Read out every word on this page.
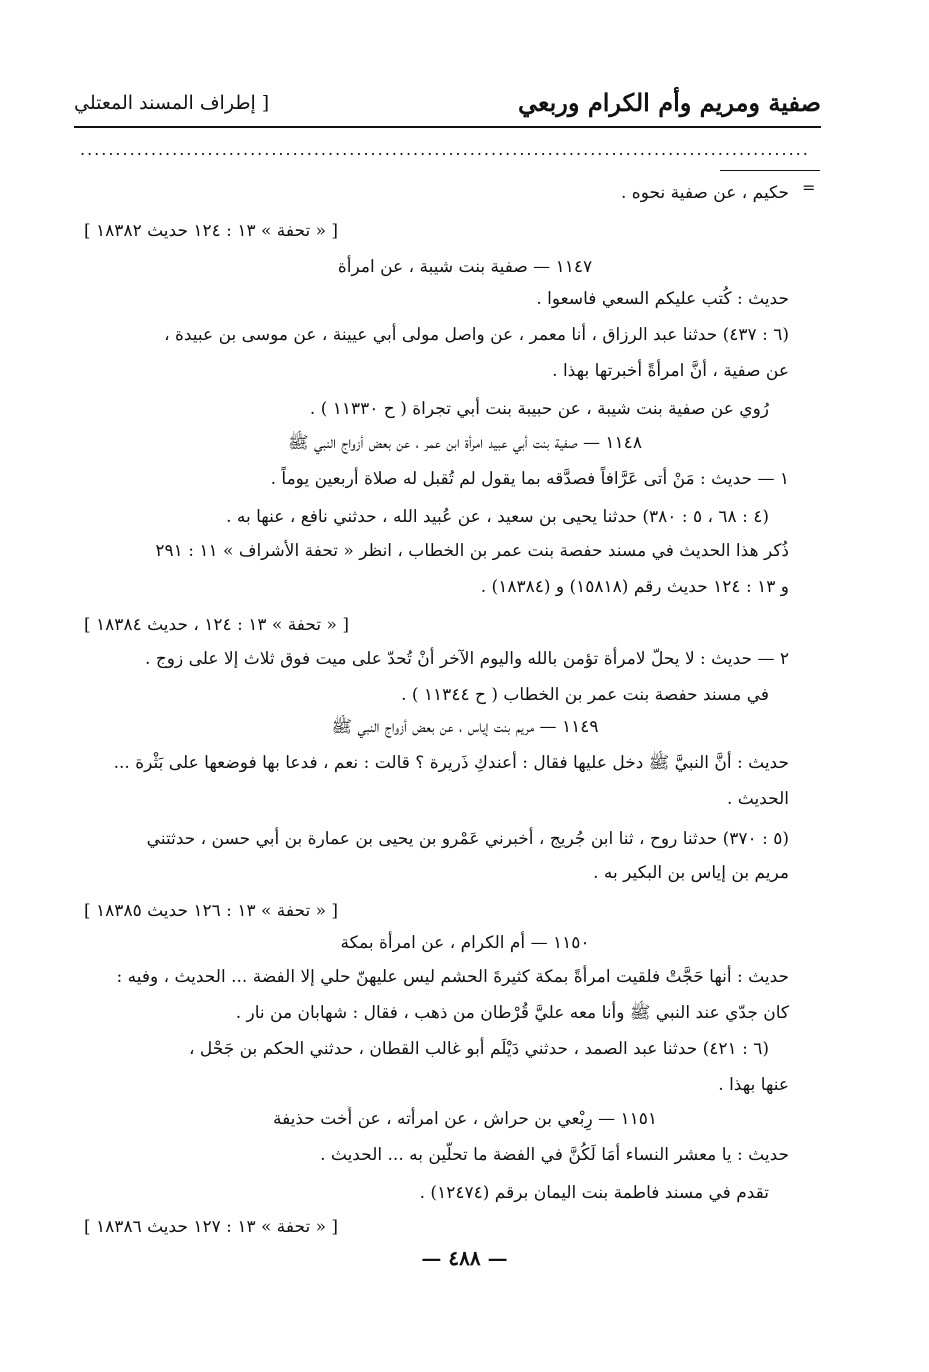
صفية ومريم وأم الكرام وربعي
[ إطراف المسند المعتلي
.......................................................................................................
=
حكيم ، عن صفية نحوه .
[ « تحفة » ١٣ : ١٢٤ حديث ١٨٣٨٢ ]
١١٤٧ — صفية بنت شيبة ، عن امرأة
حديث : كُتب عليكم السعي فاسعوا .
(٦ : ٤٣٧) حدثنا عبد الرزاق ، أنا معمر ، عن واصل مولى أبي عيينة ، عن موسى بن عبيدة ،
عن صفية ، أنَّ امرأةً أخبرتها بهذا .
رُوي عن صفية بنت شيبة ، عن حبيبة بنت أبي تجراة ( ح ١١٣٣٠ ) .
١١٤٨ — صفية بنت أبي عبيد امرأة ابن عمر ، عن بعض أزواج النبي ﷺ
١ — حديث : مَنْ أتى عَرَّافاً فصدَّقه بما يقول لم تُقبل له صلاة أربعين يوماً .
(٤ : ٦٨ ، ٥ : ٣٨٠) حدثنا يحيى بن سعيد ، عن عُبيد الله ، حدثني نافع ، عنها به .
ذُكر هذا الحديث في مسند حفصة بنت عمر بن الخطاب ، انظر « تحفة الأشراف » ١١ : ٢٩١
و ١٣ : ١٢٤ حديث رقم (١٥٨١٨) و (١٨٣٨٤) .
[ « تحفة » ١٣ : ١٢٤ ، حديث ١٨٣٨٤ ]
٢ — حديث : لا يحلّ لامرأة تؤمن بالله واليوم الآخر أنْ تُحدّ على ميت فوق ثلاث إلا على زوج .
في مسند حفصة بنت عمر بن الخطاب ( ح ١١٣٤٤ ) .
١١٤٩ — مريم بنت إياس ، عن بعض أزواج النبي ﷺ
حديث : أنَّ النبيَّ ﷺ دخل عليها فقال : أعندكِ ذَريرة ؟ قالت : نعم ، فدعا بها فوضعها على بَثْرة ...
الحديث .
(٥ : ٣٧٠) حدثنا روح ، ثنا ابن جُريج ، أخبرني عَمْرو بن يحيى بن عمارة بن أبي حسن ، حدثتني
مريم بن إياس بن البكير به .
[ « تحفة » ١٣ : ١٢٦ حديث ١٨٣٨٥ ]
١١٥٠ — أم الكرام ، عن امرأة بمكة
حديث : أنها حَجَّتْ فلقيت امرأةً بمكة كثيرةَ الحشم ليس عليهنّ حلي إلا الفضة ... الحديث ، وفيه :
كان جدّي عند النبي ﷺ وأنا معه عليَّ قُرْطان من ذهب ، فقال : شهابان من نار .
(٦ : ٤٢١) حدثنا عبد الصمد ، حدثني دَيْلَم أبو غالب القطان ، حدثني الحكم بن جَحْل ،
عنها بهذا .
١١٥١ — رِبْعي بن حراش ، عن امرأته ، عن أُخت حذيفة
حديث : يا معشر النساء أمَا لَكُنَّ في الفضة ما تحلّين به ... الحديث .
تقدم في مسند فاطمة بنت اليمان برقم (١٢٤٧٤) .
[ « تحفة » ١٣ : ١٢٧ حديث ١٨٣٨٦ ]
— ٤٨٨ —
